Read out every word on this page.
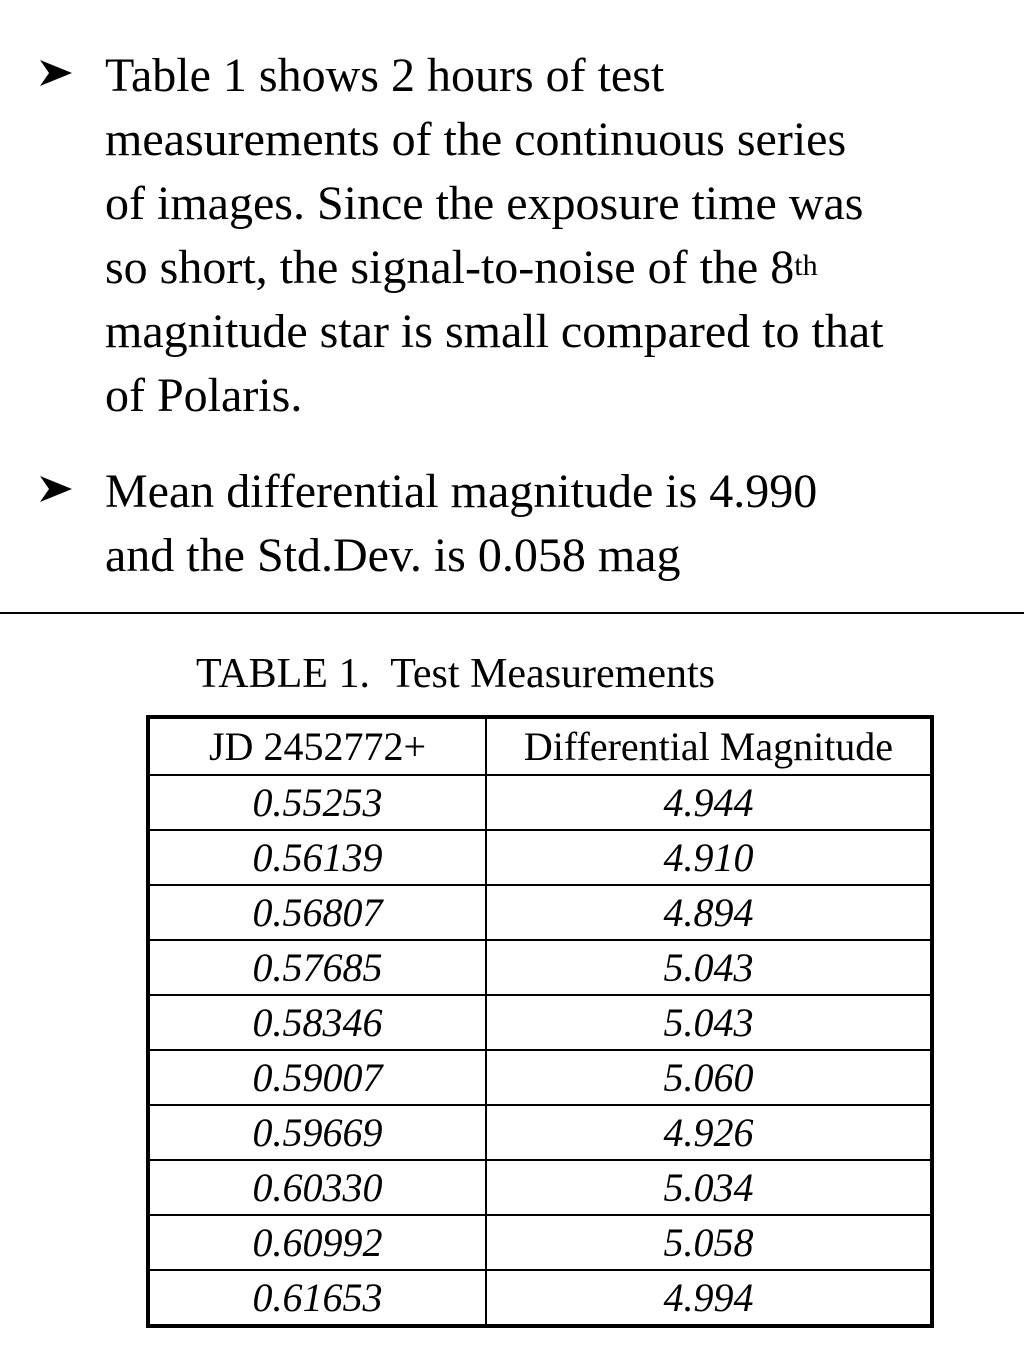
Table 1 shows 2 hours of test
measurements of the continuous series
of images. Since the exposure time was
so short, the signal-to-noise of the 8th
magnitude star is small compared to that
of Polaris.
Mean differential magnitude is 4.990
and the Std.Dev. is 0.058 mag
TABLE 1.  Test Measurements
JD 2452772+	Differential Magnitude
0.55253	4.944
0.56139	4.910
0.56807	4.894
0.57685	5.043
0.58346	5.043
0.59007	5.060
0.59669	4.926
0.60330	5.034
0.60992	5.058
0.61653	4.994
